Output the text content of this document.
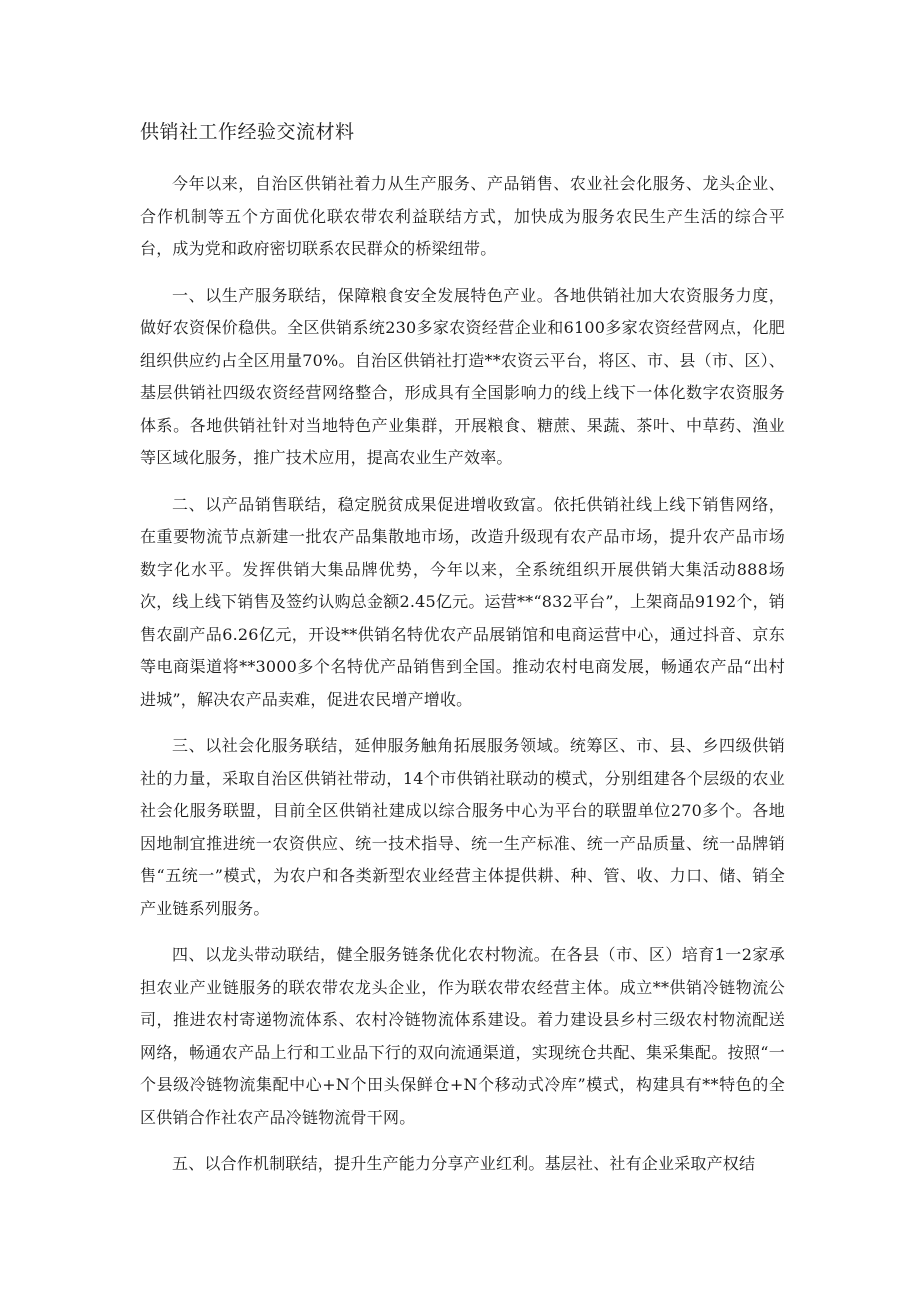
供销社工作经验交流材料

今年以来，自治区供销社着力从生产服务、产品销售、农业社会化服务、龙头企业、合作机制等五个方面优化联农带农利益联结方式，加快成为服务农民生产生活的综合平台，成为党和政府密切联系农民群众的桥梁纽带。

一、以生产服务联结，保障粮食安全发展特色产业。各地供销社加大农资服务力度，做好农资保价稳供。全区供销系统230多家农资经营企业和6100多家农资经营网点，化肥组织供应约占全区用量70%。自治区供销社打造**农资云平台，将区、市、县（市、区）、基层供销社四级农资经营网络整合，形成具有全国影响力的线上线下一体化数字农资服务体系。各地供销社针对当地特色产业集群，开展粮食、糖蔗、果蔬、茶叶、中草药、渔业等区域化服务，推广技术应用，提高农业生产效率。

二、以产品销售联结，稳定脱贫成果促进增收致富。依托供销社线上线下销售网络，在重要物流节点新建一批农产品集散地市场，改造升级现有农产品市场，提升农产品市场数字化水平。发挥供销大集品牌优势，今年以来，全系统组织开展供销大集活动888场次，线上线下销售及签约认购总金额2.45亿元。运营**“832平台”，上架商品9192个，销售农副产品6.26亿元，开设**供销名特优农产品展销馆和电商运营中心，通过抖音、京东等电商渠道将**3000多个名特优产品销售到全国。推动农村电商发展，畅通农产品“出村进城”，解决农产品卖难，促进农民增产增收。

三、以社会化服务联结，延伸服务触角拓展服务领域。统筹区、市、县、乡四级供销社的力量，采取自治区供销社带动，14个市供销社联动的模式，分别组建各个层级的农业社会化服务联盟，目前全区供销社建成以综合服务中心为平台的联盟单位270多个。各地因地制宜推进统一农资供应、统一技术指导、统一生产标准、统一产品质量、统一品牌销售“五统一”模式，为农户和各类新型农业经营主体提供耕、种、管、收、力口、储、销全产业链系列服务。

四、以龙头带动联结，健全服务链条优化农村物流。在各县（市、区）培育1一2家承担农业产业链服务的联农带农龙头企业，作为联农带农经营主体。成立**供销冷链物流公司，推进农村寄递物流体系、农村冷链物流体系建设。着力建设县乡村三级农村物流配送网络，畅通农产品上行和工业品下行的双向流通渠道，实现统仓共配、集采集配。按照“一个县级冷链物流集配中心+N个田头保鲜仓+N个移动式冷库”模式，构建具有**特色的全区供销合作社农产品冷链物流骨干网。

五、以合作机制联结，提升生产能力分享产业红利。基层社、社有企业采取产权结
